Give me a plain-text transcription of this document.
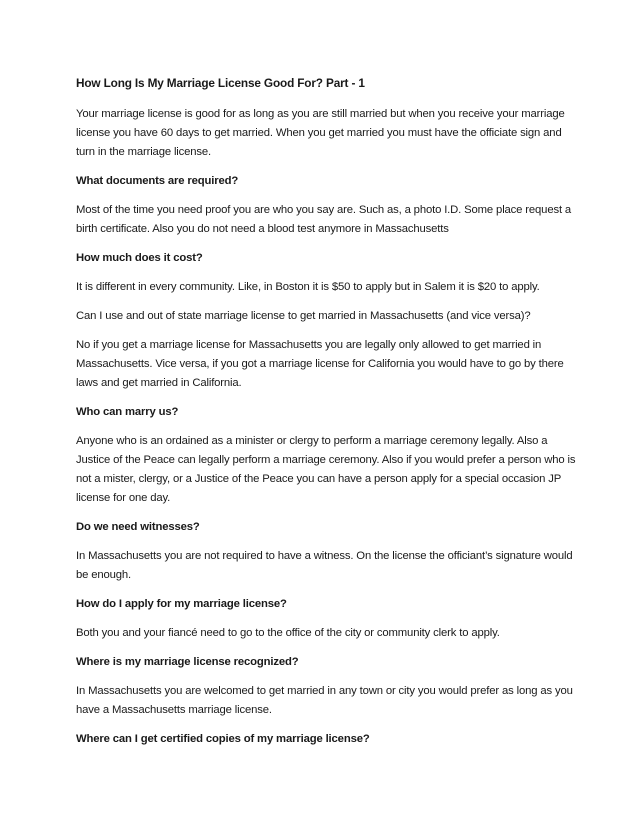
How Long Is My Marriage License Good For? Part - 1
Your marriage license is good for as long as you are still married but when you receive your marriage license you have 60 days to get married. When you get married you must have the officiate sign and turn in the marriage license.
What documents are required?
Most of the time you need proof you are who you say are. Such as, a photo I.D. Some place request a birth certificate. Also you do not need a blood test anymore in Massachusetts
How much does it cost?
It is different in every community. Like, in Boston it is $50 to apply but in Salem it is $20 to apply.
Can I use and out of state marriage license to get married in Massachusetts (and vice versa)?
No if you get a marriage license for Massachusetts you are legally only allowed to get married in Massachusetts. Vice versa, if you got a marriage license for California you would have to go by there laws and get married in California.
Who can marry us?
Anyone who is an ordained as a minister or clergy to perform a marriage ceremony legally. Also a Justice of the Peace can legally perform a marriage ceremony. Also if you would prefer a person who is not a mister, clergy, or a Justice of the Peace you can have a person apply for a special occasion JP license for one day.
Do we need witnesses?
In Massachusetts you are not required to have a witness. On the license the officiant’s signature would be enough.
How do I apply for my marriage license?
Both you and your fiancé need to go to the office of the city or community clerk to apply.
Where is my marriage license recognized?
In Massachusetts you are welcomed to get married in any town or city you would prefer as long as you have a Massachusetts marriage license.
Where can I get certified copies of my marriage license?
